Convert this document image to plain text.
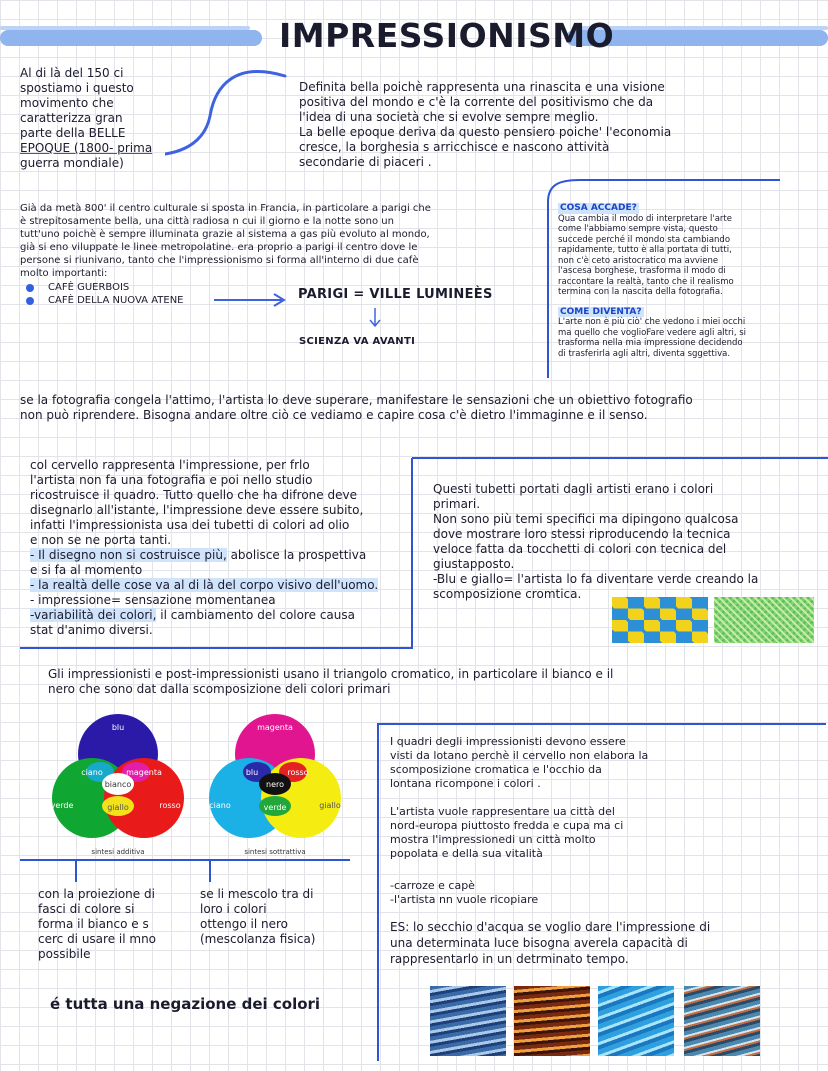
IMPRESSIONISMO
Al di là del 150 ci
spostiamo i questo
movimento che
caratterizza gran
parte della BELLE
EPOQUE (1800- prima
guerra mondiale)
Definita bella poichè rappresenta una rinascita e una visione
positiva del mondo e c'è la corrente del positivismo che da
l'idea di una società che si evolve sempre meglio.
La belle epoque deriva da questo pensiero poiche' l'economia
cresce, la borghesia s arricchisce e nascono attività
secondarie di piaceri .
Già da metà 800' il centro culturale si sposta in Francia, in particolare a parigi che
è strepitosamente bella, una città radiosa n cui il giorno e la notte sono un
tutt'uno poichè è sempre illuminata grazie al sistema a gas più evoluto al mondo,
già si eno viluppate le linee metropolatine. era proprio a parigi il centro dove le
persone si riunivano, tanto che l'impressionismo si forma all'interno di due cafè
molto importanti:
CAFÈ GUERBOIS
CAFÈ DELLA NUOVA ATENE	PARIGI = VILLE LUMINEÈS
SCIENZA VA AVANTI
COSA ACCADE?
Qua cambia il modo di interpretare l'arte
come l'abbiamo sempre vista, questo
succede perché il mondo sta cambiando
rapidamente, tutto è alla portata di tutti,
non c'è ceto aristocratico ma avviene
l'ascesa borghese, trasforma il modo di
raccontare la realtà, tanto che il realismo
termina con la nascita della fotografia.
COME DIVENTA?
L'arte non è più ciò' che vedono i miei occhi
ma quello che voglioFare vedere agli altri, si
trasforma nella mia impressione decidendo
di trasferirla agli altri, diventa sggettiva.
se la fotografia congela l'attimo, l'artista lo deve superare, manifestare le sensazioni che un obiettivo fotografio
non può riprendere. Bisogna andare oltre ciò ce vediamo e capire cosa c'è dietro l'immaginne e il senso.
col cervello rappresenta l'impressione, per frlo
l'artista non fa una fotografia e poi nello studio
ricostruisce il quadro. Tutto quello che ha difrone deve
disegnarlo all'istante, l'impressione deve essere subito,
infatti l'impressionista usa dei tubetti di colori ad olio
e non se ne porta tanti.
- Il disegno non si costruisce più, abolisce la prospettiva
e si fa al momento
- la realtà delle cose va al di là del corpo visivo dell'uomo.
- impressione= sensazione momentanea
-variabilità dei colori, il cambiamento del colore causa
stat d'animo diversi.
Questi tubetti portati dagli artisti erano i colori
primari.
Non sono più temi specifici ma dipingono qualcosa
dove mostrare loro stessi riproducendo la tecnica
veloce fatta da tocchetti di colori con tecnica del
giustapposto.
-Blu e giallo= l'artista lo fa diventare verde creando la
scomposizione cromtica.
Gli impressionisti e post-impressionisti usano il triangolo cromatico, in particolare il bianco e il
nero che sono dat dalla scomposizione deli colori primari
blu
verde	rosso
ciano	magenta
giallo
bianco
sintesi additiva
magenta
ciano	giallo
blu	rosso
verde
nero
sintesi sottrattiva
con la proiezione di
fasci di colore si
forma il bianco e s
cerc di usare il mno
possibile
se li mescolo tra di
loro i colori
ottengo il nero
(mescolanza fisica)
é tutta una negazione dei colori
I quadri degli impressionisti devono essere
visti da lotano perchè il cervello non elabora la
scomposizione cromatica e l'occhio da
lontana ricompone i colori .
L'artista vuole rappresentare ua città del
nord-europa piuttosto fredda e cupa ma ci
mostra l'impressionedi un città molto
popolata e della sua vitalità
-carroze e capè
-l'artista nn vuole ricopiare
ES: lo secchio d'acqua se voglio dare l'impressione di
una determinata luce bisogna averela capacità di
rappresentarlo in un detrminato tempo.
